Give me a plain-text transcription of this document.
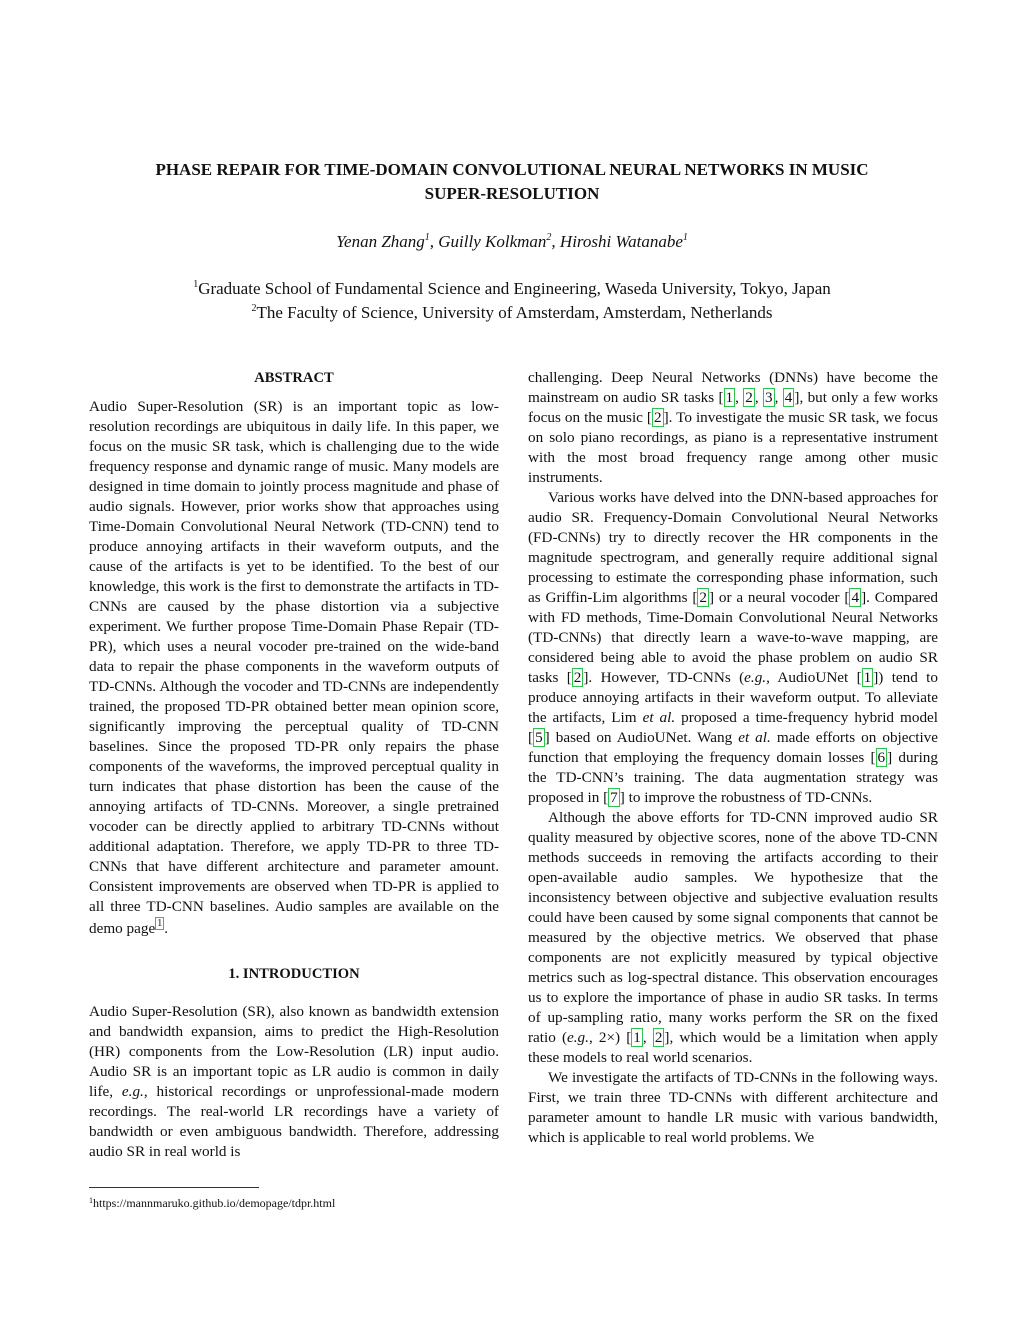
PHASE REPAIR FOR TIME-DOMAIN CONVOLUTIONAL NEURAL NETWORKS IN MUSIC
SUPER-RESOLUTION
Yenan Zhang$^1$, Guilly Kolkman$^2$, Hiroshi Watanabe$^1$
$^1$Graduate School of Fundamental Science and Engineering, Waseda University, Tokyo, Japan
$^2$The Faculty of Science, University of Amsterdam, Amsterdam, Netherlands
ABSTRACT

Audio Super-Resolution (SR) is an important topic as low-resolution recordings are ubiquitous in daily life. In this paper, we focus on the music SR task, which is challenging due to the wide frequency response and dynamic range of music. Many models are designed in time domain to jointly process magnitude and phase of audio signals. However, prior works show that approaches using Time-Domain Convolutional Neural Network (TD-CNN) tend to produce annoying artifacts in their waveform outputs, and the cause of the artifacts is yet to be identified. To the best of our knowledge, this work is the first to demonstrate the artifacts in TD-CNNs are caused by the phase distortion via a subjective experiment. We further propose Time-Domain Phase Repair (TD-PR), which uses a neural vocoder pre-trained on the wide-band data to repair the phase components in the waveform outputs of TD-CNNs. Although the vocoder and TD-CNNs are independently trained, the proposed TD-PR obtained better mean opinion score, significantly improving the perceptual quality of TD-CNN baselines. Since the proposed TD-PR only repairs the phase components of the waveforms, the improved perceptual quality in turn indicates that phase distortion has been the cause of the annoying artifacts of TD-CNNs. Moreover, a single pretrained vocoder can be directly applied to arbitrary TD-CNNs without additional adaptation. Therefore, we apply TD-PR to three TD-CNNs that have different architecture and parameter amount. Consistent improvements are observed when TD-PR is applied to all three TD-CNN baselines. Audio samples are available on the demo page $^1$ .

1. INTRODUCTION

Audio Super-Resolution (SR), also known as bandwidth extension and bandwidth expansion, aims to predict the High-Resolution (HR) components from the Low-Resolution (LR) input audio. Audio SR is an important topic as LR audio is common in daily life, e.g., historical recordings or unprofessional-made modern recordings. The real-world LR recordings have a variety of bandwidth or even ambiguous bandwidth. Therefore, addressing audio SR in real world is

$^1$https://mannmaruko.github.io/demopage/tdpr.html

challenging. Deep Neural Networks (DNNs) have become the mainstream on audio SR tasks [ 1 , 2 , 3 , 4 ], but only a few works focus on the music [ 2 ]. To investigate the music SR task, we focus on solo piano recordings, as piano is a representative instrument with the most broad frequency range among other music instruments.

Various works have delved into the DNN-based approaches for audio SR. Frequency-Domain Convolutional Neural Networks (FD-CNNs) try to directly recover the HR components in the magnitude spectrogram, and generally require additional signal processing to estimate the corresponding phase information, such as Griffin-Lim algorithms [ 2 ] or a neural vocoder [ 4 ]. Compared with FD methods, Time-Domain Convolutional Neural Networks (TD-CNNs) that directly learn a wave-to-wave mapping, are considered being able to avoid the phase problem on audio SR tasks [ 2 ]. However, TD-CNNs (e.g., AudioUNet [ 1 ]) tend to produce annoying artifacts in their waveform output. To alleviate the artifacts, Lim et al. proposed a time-frequency hybrid model [ 5 ] based on AudioUNet. Wang et al. made efforts on objective function that employing the frequency domain losses [ 6 ] during the TD-CNN’s training. The data augmentation strategy was proposed in [ 7 ] to improve the robustness of TD-CNNs.

Although the above efforts for TD-CNN improved audio SR quality measured by objective scores, none of the above TD-CNN methods succeeds in removing the artifacts according to their open-available audio samples. We hypothesize that the inconsistency between objective and subjective evaluation results could have been caused by some signal components that cannot be measured by the objective metrics. We observed that phase components are not explicitly measured by typical objective metrics such as log-spectral distance. This observation encourages us to explore the importance of phase in audio SR tasks. In terms of up-sampling ratio, many works perform the SR on the fixed ratio (e.g., 2×) [ 1 , 2 ], which would be a limitation when apply these models to real world scenarios.

We investigate the artifacts of TD-CNNs in the following ways. First, we train three TD-CNNs with different architecture and parameter amount to handle LR music with various bandwidth, which is applicable to real world problems. We
